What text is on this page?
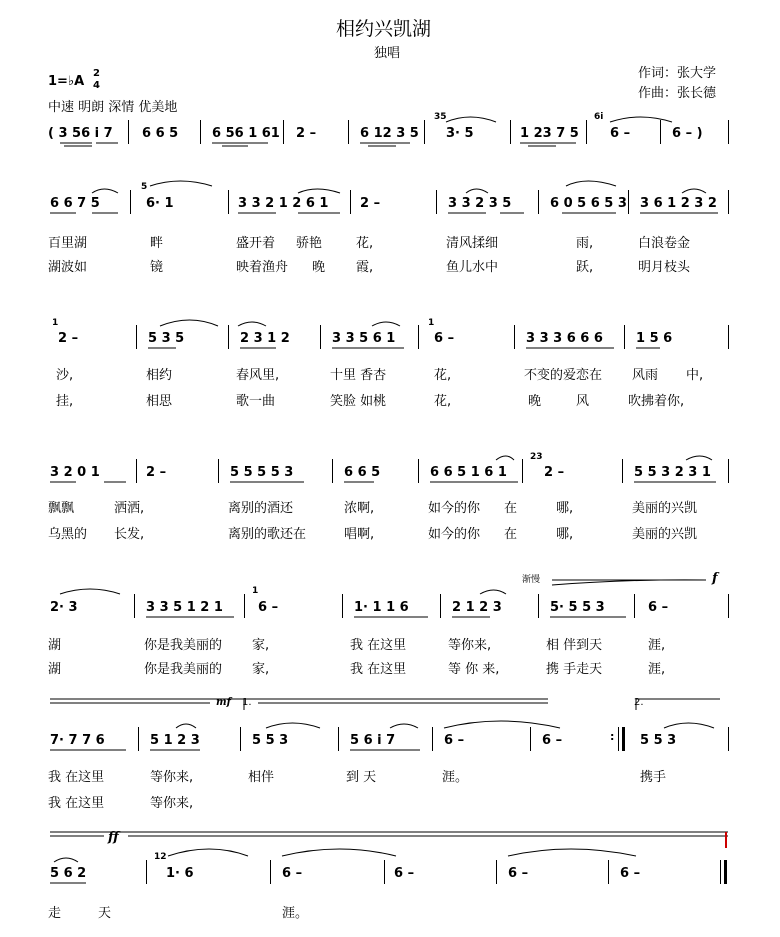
相约兴凯湖
独唱
1=♭A
2
4
中速 明朗 深情 优美地
作词：张大学
作曲：张长德
( 3 56 i 7 6 6 5	6 56 1 61 2 –	6 12 3 5
35
3· 5	1 23 7 5
6i
6 –	6 – )
6 6 7 5
5
6· 1	3 3 2 1 2 6 1 2 –	3 3 2 3 5	6 0 5 6 5 3 3 6 1 2 3 2
百里湖	畔	盛开着 骄艳	花,	清风揉细	雨,	白浪卷金
湖波如	镜	映着渔舟 晚 霞,	鱼儿水中	跃,	明月枝头
1
2 –	5 3 5	2 3 1 2	3 3 5 6 1
1
6 –	3 3 3 6 6 6	1 5 6
沙,	相约	春风里,	十里 香杏	花,	不变的爱恋在 风雨 中,
挂,	相思	歌一曲	笑脸 如桃	花,	晚	风	吹拂着你,
3 2 0 1	2 –	5 5 5 5 3	6 6 5	6 6 5 1 6 1
23
2 –	5 5 3 2 3 1
飘飘	洒洒,	离别的酒还	浓啊,	如今的你 在	哪,	美丽的兴凯
乌黑的 长发,	离别的歌还在	唱啊,	如今的你 在	哪,	美丽的兴凯
渐慢	f
2· 3	3 3 5 1 2 1
1
6 –	1· 1 1 6	2 1 2 3	5· 5 5 3	6 –
湖	你是我美丽的 家,	我 在这里	等你来,	相 伴到天	涯,
湖	你是我美丽的 家,	我 在这里	等 你 来,	携 手走天	涯,
mf 1.	2.
7· 7 7 6	5 1 2 3	5 5 3	5 6 i 7	6 –	6 –	: 5 5 3
我 在这里	等你来,	相伴	到 天	涯。	携手
我 在这里	等你来,
ff
5 6 2
12
1· 6	6 –	6 –	6 –	6 –
走	天	涯。
